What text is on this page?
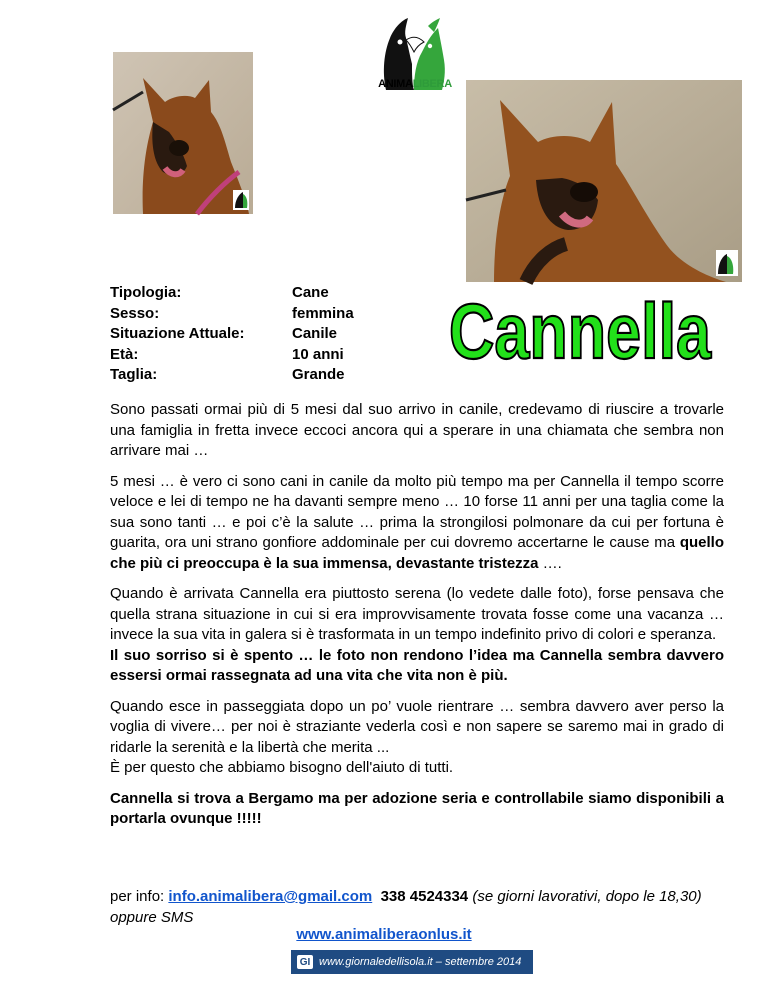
ANIMALIBERA
Tipologia:	Cane
Sesso:	femmina
Situazione Attuale:	Canile
Età:	10 anni
Taglia:	Grande Cannella

Sono passati ormai più di 5 mesi dal suo arrivo in canile, credevamo di riuscire a trovarle una famiglia in fretta invece eccoci ancora qui a sperare in una chiamata che sembra non arrivare mai …

5 mesi … è vero ci sono cani in canile da molto più tempo ma per Cannella il tempo scorre veloce e lei di tempo ne ha davanti sempre meno … 10 forse 11 anni per una taglia come la sua sono tanti … e poi c’è la salute … prima la strongilosi polmonare da cui per fortuna è guarita, ora uni strano gonfiore addominale per cui dovremo accertarne le cause ma quello che più ci preoccupa è la sua immensa, devastante tristezza ….

Quando è arrivata Cannella era piuttosto serena (lo vedete dalle foto), forse pensava che quella strana situazione in cui si era improvvisamente trovata fosse come una vacanza … invece la sua vita in galera si è trasformata in un tempo indefinito privo di colori e speranza.
Il suo sorriso si è spento … le foto non rendono l’idea ma Cannella sembra davvero essersi ormai rassegnata ad una vita che vita non è più.

Quando esce in passeggiata dopo un po’ vuole rientrare … sembra davvero aver perso la voglia di vivere… per noi è straziante vederla così e non sapere se saremo mai in grado di ridarle la serenità e la libertà che merita ...
È per questo che abbiamo bisogno dell'aiuto di tutti.

Cannella si trova a Bergamo ma per adozione seria e controllabile siamo disponibili a portarla ovunque !!!!!

per info: info.animalibera@gmail.com 338 4524334 (se giorni lavorativi, dopo le 18,30) oppure SMS
www.animaliberaonlus.it
GI www.giornaledellisola.it – settembre 2014
